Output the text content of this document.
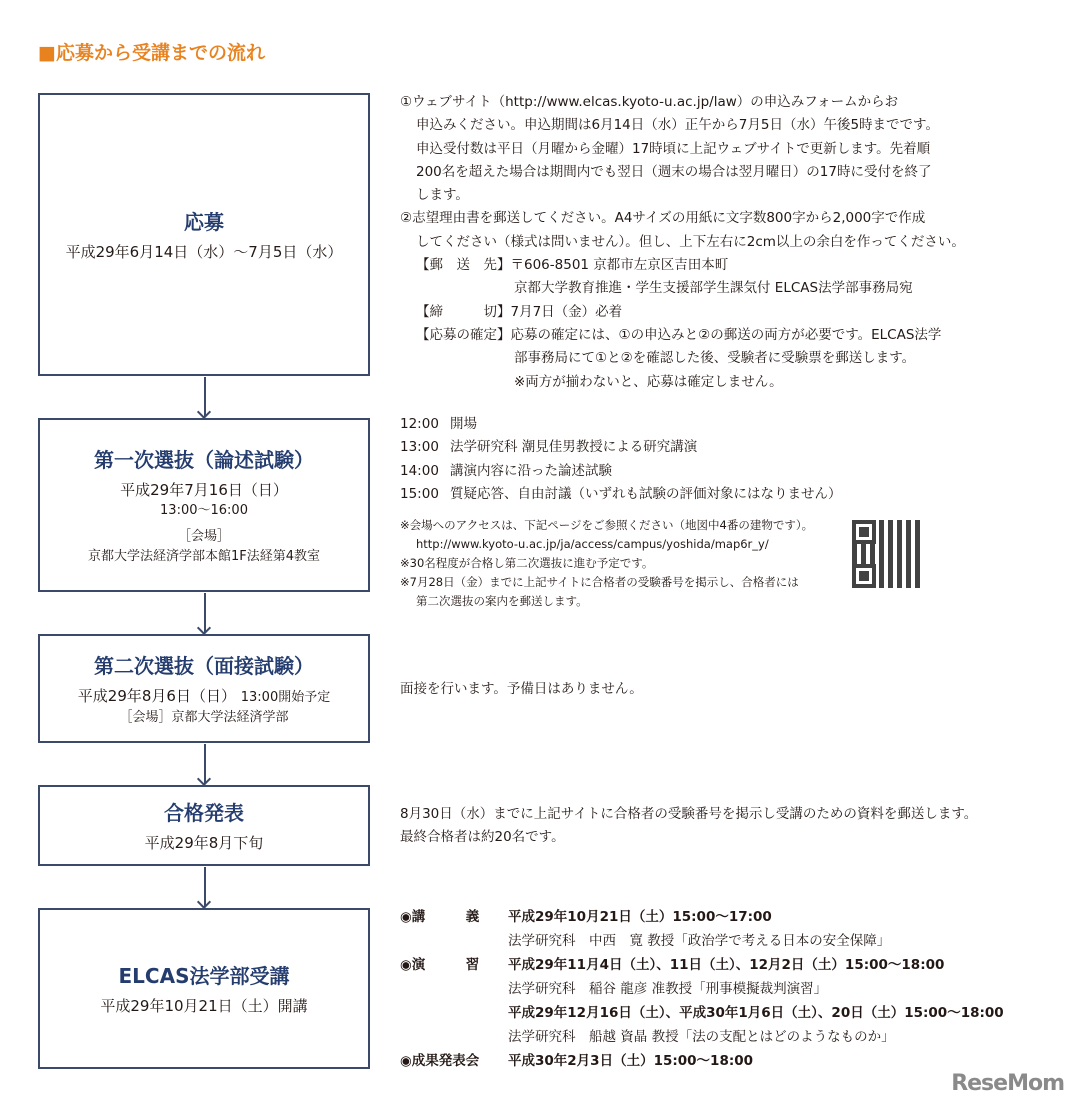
■応募から受講までの流れ
応募
平成29年6月14日（水）～7月5日（水）
第一次選抜（論述試験）
平成29年7月16日（日）
13:00～16:00
［会場］
京都大学法経済学部本館1F法経第4教室
第二次選抜（面接試験）
平成29年8月6日（日） 13:00開始予定
［会場］京都大学法経済学部
合格発表
平成29年8月下旬
ELCAS法学部受講
平成29年10月21日（土）開講
①ウェブサイト（http://www.elcas.kyoto-u.ac.jp/law）の申込みフォームからお
申込みください。申込期間は6月14日（水）正午から7月5日（水）午後5時までです。
申込受付数は平日（月曜から金曜）17時頃に上記ウェブサイトで更新します。先着順
200名を超えた場合は期間内でも翌日（週末の場合は翌月曜日）の17時に受付を終了
します。
②志望理由書を郵送してください。A4サイズの用紙に文字数800字から2,000字で作成
してください（様式は問いません）。但し、上下左右に2cm以上の余白を作ってください。
【郵　送　先】〒606-8501 京都市左京区吉田本町
京都大学教育推進・学生支援部学生課気付 ELCAS法学部事務局宛
【締　　　切】7月7日（金）必着
【応募の確定】応募の確定には、①の申込みと②の郵送の両方が必要です。ELCAS法学
部事務局にて①と②を確認した後、受験者に受験票を郵送します。
※両方が揃わないと、応募は確定しません。
12:00 開場
13:00 法学研究科 潮見佳男教授による研究講演
14:00 講演内容に沿った論述試験
15:00 質疑応答、自由討議（いずれも試験の評価対象にはなりません）
※会場へのアクセスは、下記ページをご参照ください（地図中4番の建物です）。
http://www.kyoto-u.ac.jp/ja/access/campus/yoshida/map6r_y/
※30名程度が合格し第二次選抜に進む予定です。
※7月28日（金）までに上記サイトに合格者の受験番号を掲示し、合格者には
第二次選抜の案内を郵送します。
面接を行います。予備日はありません。
8月30日（水）までに上記サイトに合格者の受験番号を掲示し受講のための資料を郵送します。
最終合格者は約20名です。
◉講　　　義 平成29年10月21日（土）15:00～17:00
法学研究科　中西　寛 教授「政治学で考える日本の安全保障」
◉演　　　習 平成29年11月4日（土）、11日（土）、12月2日（土）15:00～18:00
法学研究科　稲谷 龍彦 准教授「刑事模擬裁判演習」
平成29年12月16日（土）、平成30年1月6日（土）、20日（土）15:00～18:00
法学研究科　船越 資晶 教授「法の支配とはどのようなものか」
◉成果発表会 平成30年2月3日（土）15:00～18:00
ReseMom
